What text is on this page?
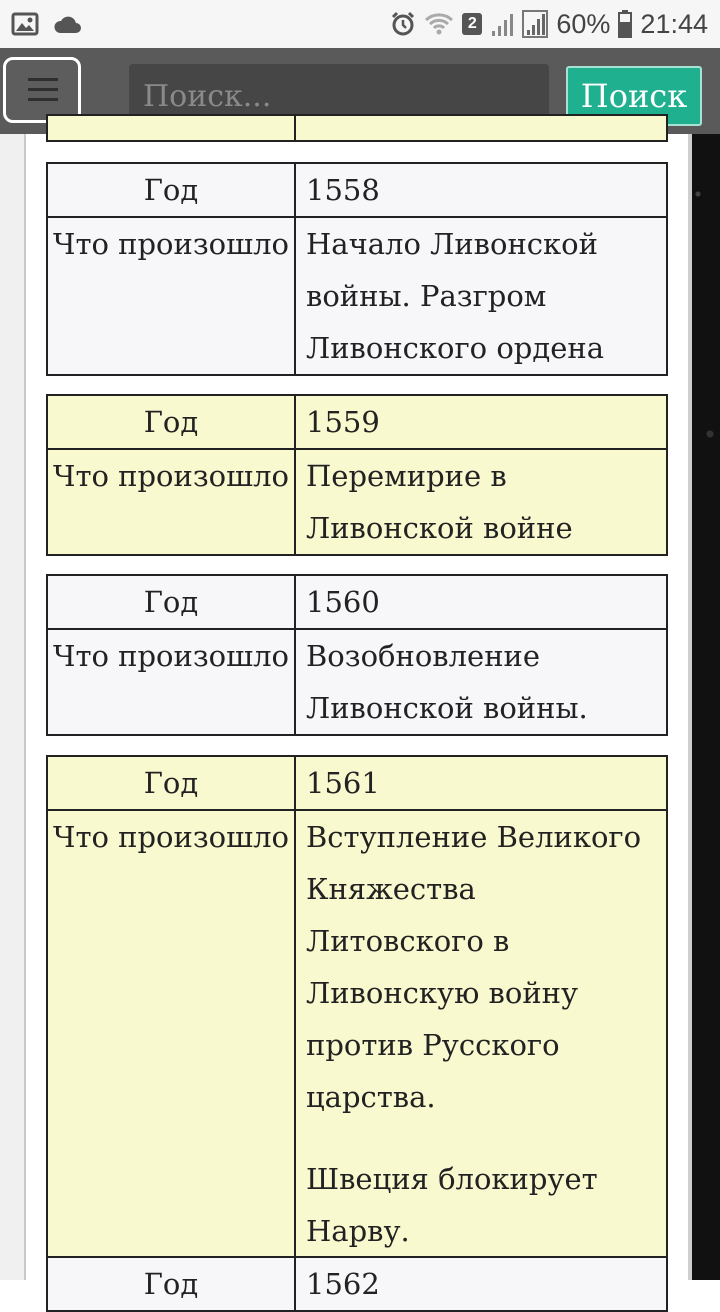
2	60% 21:44
Поиск...
Поиск

Год	1558
Что произошло	Начало Ливонской войны. Разгром Ливонского ордена

Год	1559
Что произошло	Перемирие в Ливонской войне

Год	1560
Что произошло	Возобновление Ливонской войны.

Год	1561
Что произошло	Вступление Великого Княжества Литовского в Ливонскую войну против Русского царства.

Швеция блокирует Нарву.

Год	1562
